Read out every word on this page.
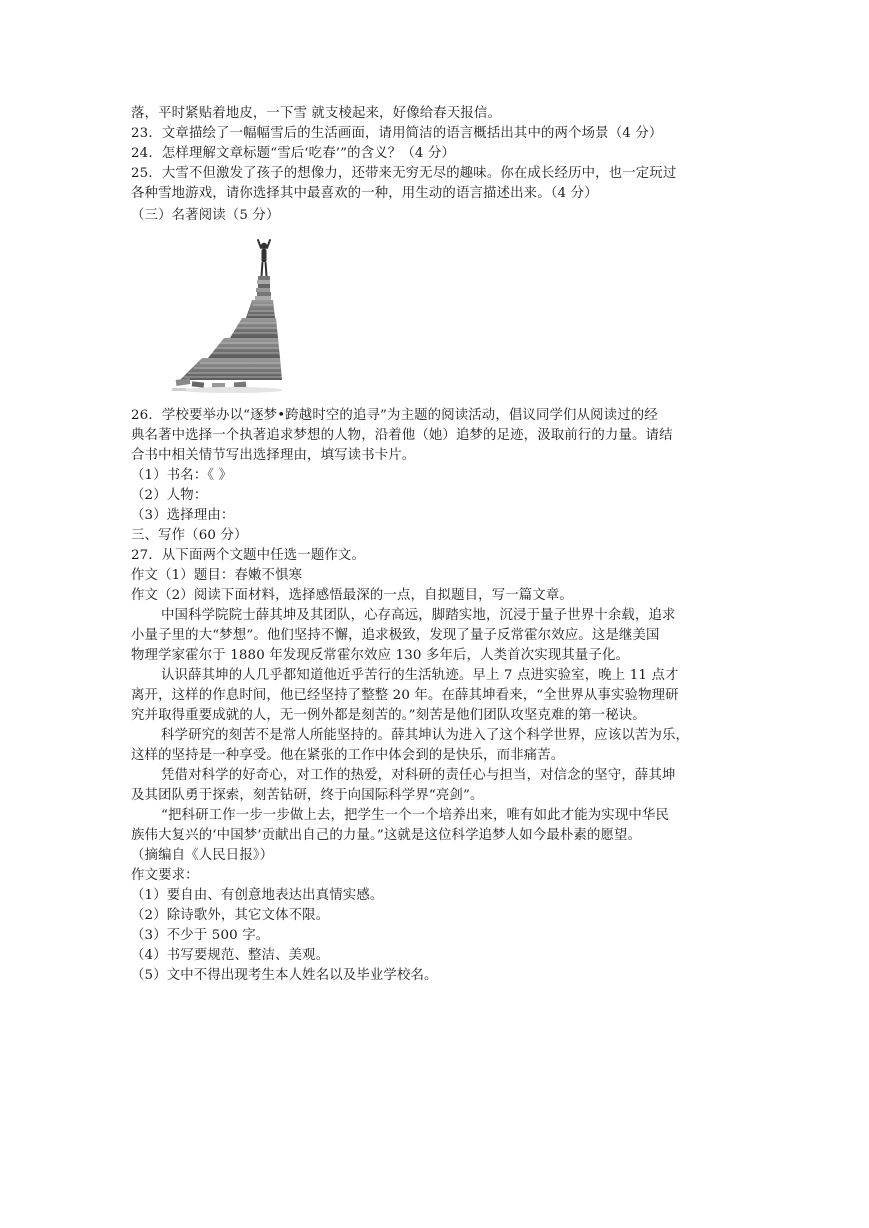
落，平时紧贴着地皮，一下雪 就支棱起来，好像给春天报信。
23．文章描绘了一幅幅雪后的生活画面，请用简洁的语言概括出其中的两个场景（4 分）
24．怎样理解文章标题“雪后‘吃春’”的含义？（4 分）
25．大雪不但激发了孩子的想像力，还带来无穷无尽的趣味。你在成长经历中，也一定玩过
各种雪地游戏，请你选择其中最喜欢的一种，用生动的语言描述出来。（4 分）
（三）名著阅读（5 分）
26．学校要举办以“逐梦•跨越时空的追寻”为主题的阅读活动，倡议同学们从阅读过的经
典名著中选择一个执著追求梦想的人物，沿着他（她）追梦的足迹，汲取前行的力量。请结
合书中相关情节写出选择理由，填写读书卡片。
（1）书名：《 》
（2）人物：
（3）选择理由：
三、写作（60 分）
27．从下面两个文题中任选一题作文。
作文（1）题目：春嫩不惧寒
作文（2）阅读下面材料，选择感悟最深的一点，自拟题目，写一篇文章。
中国科学院院士薛其坤及其团队，心存高远，脚踏实地，沉浸于量子世界十余载，追求
小量子里的大“梦想”。他们坚持不懈，追求极致，发现了量子反常霍尔效应。这是继美国
物理学家霍尔于 1880 年发现反常霍尔效应 130 多年后，人类首次实现其量子化。
认识薛其坤的人几乎都知道他近乎苦行的生活轨迹。早上 7 点进实验室，晚上 11 点才
离开，这样的作息时间，他已经坚持了整整 20 年。在薛其坤看来，“全世界从事实验物理研
究并取得重要成就的人，无一例外都是刻苦的。”刻苦是他们团队攻坚克难的第一秘诀。
科学研究的刻苦不是常人所能坚持的。薛其坤认为进入了这个科学世界，应该以苦为乐，
这样的坚持是一种享受。他在紧张的工作中体会到的是快乐，而非痛苦。
凭借对科学的好奇心，对工作的热爱，对科研的责任心与担当，对信念的坚守，薛其坤
及其团队勇于探索，刻苦钻研，终于向国际科学界“亮剑”。
“把科研工作一步一步做上去，把学生一个一个培养出来，唯有如此才能为实现中华民
族伟大复兴的‘中国梦’贡献出自己的力量。”这就是这位科学追梦人如今最朴素的愿望。
（摘编自《人民日报》）
作文要求：
（1）要自由、有创意地表达出真情实感。
（2）除诗歌外，其它文体不限。
（3）不少于 500 字。
（4）书写要规范、整洁、美观。
（5）文中不得出现考生本人姓名以及毕业学校名。
